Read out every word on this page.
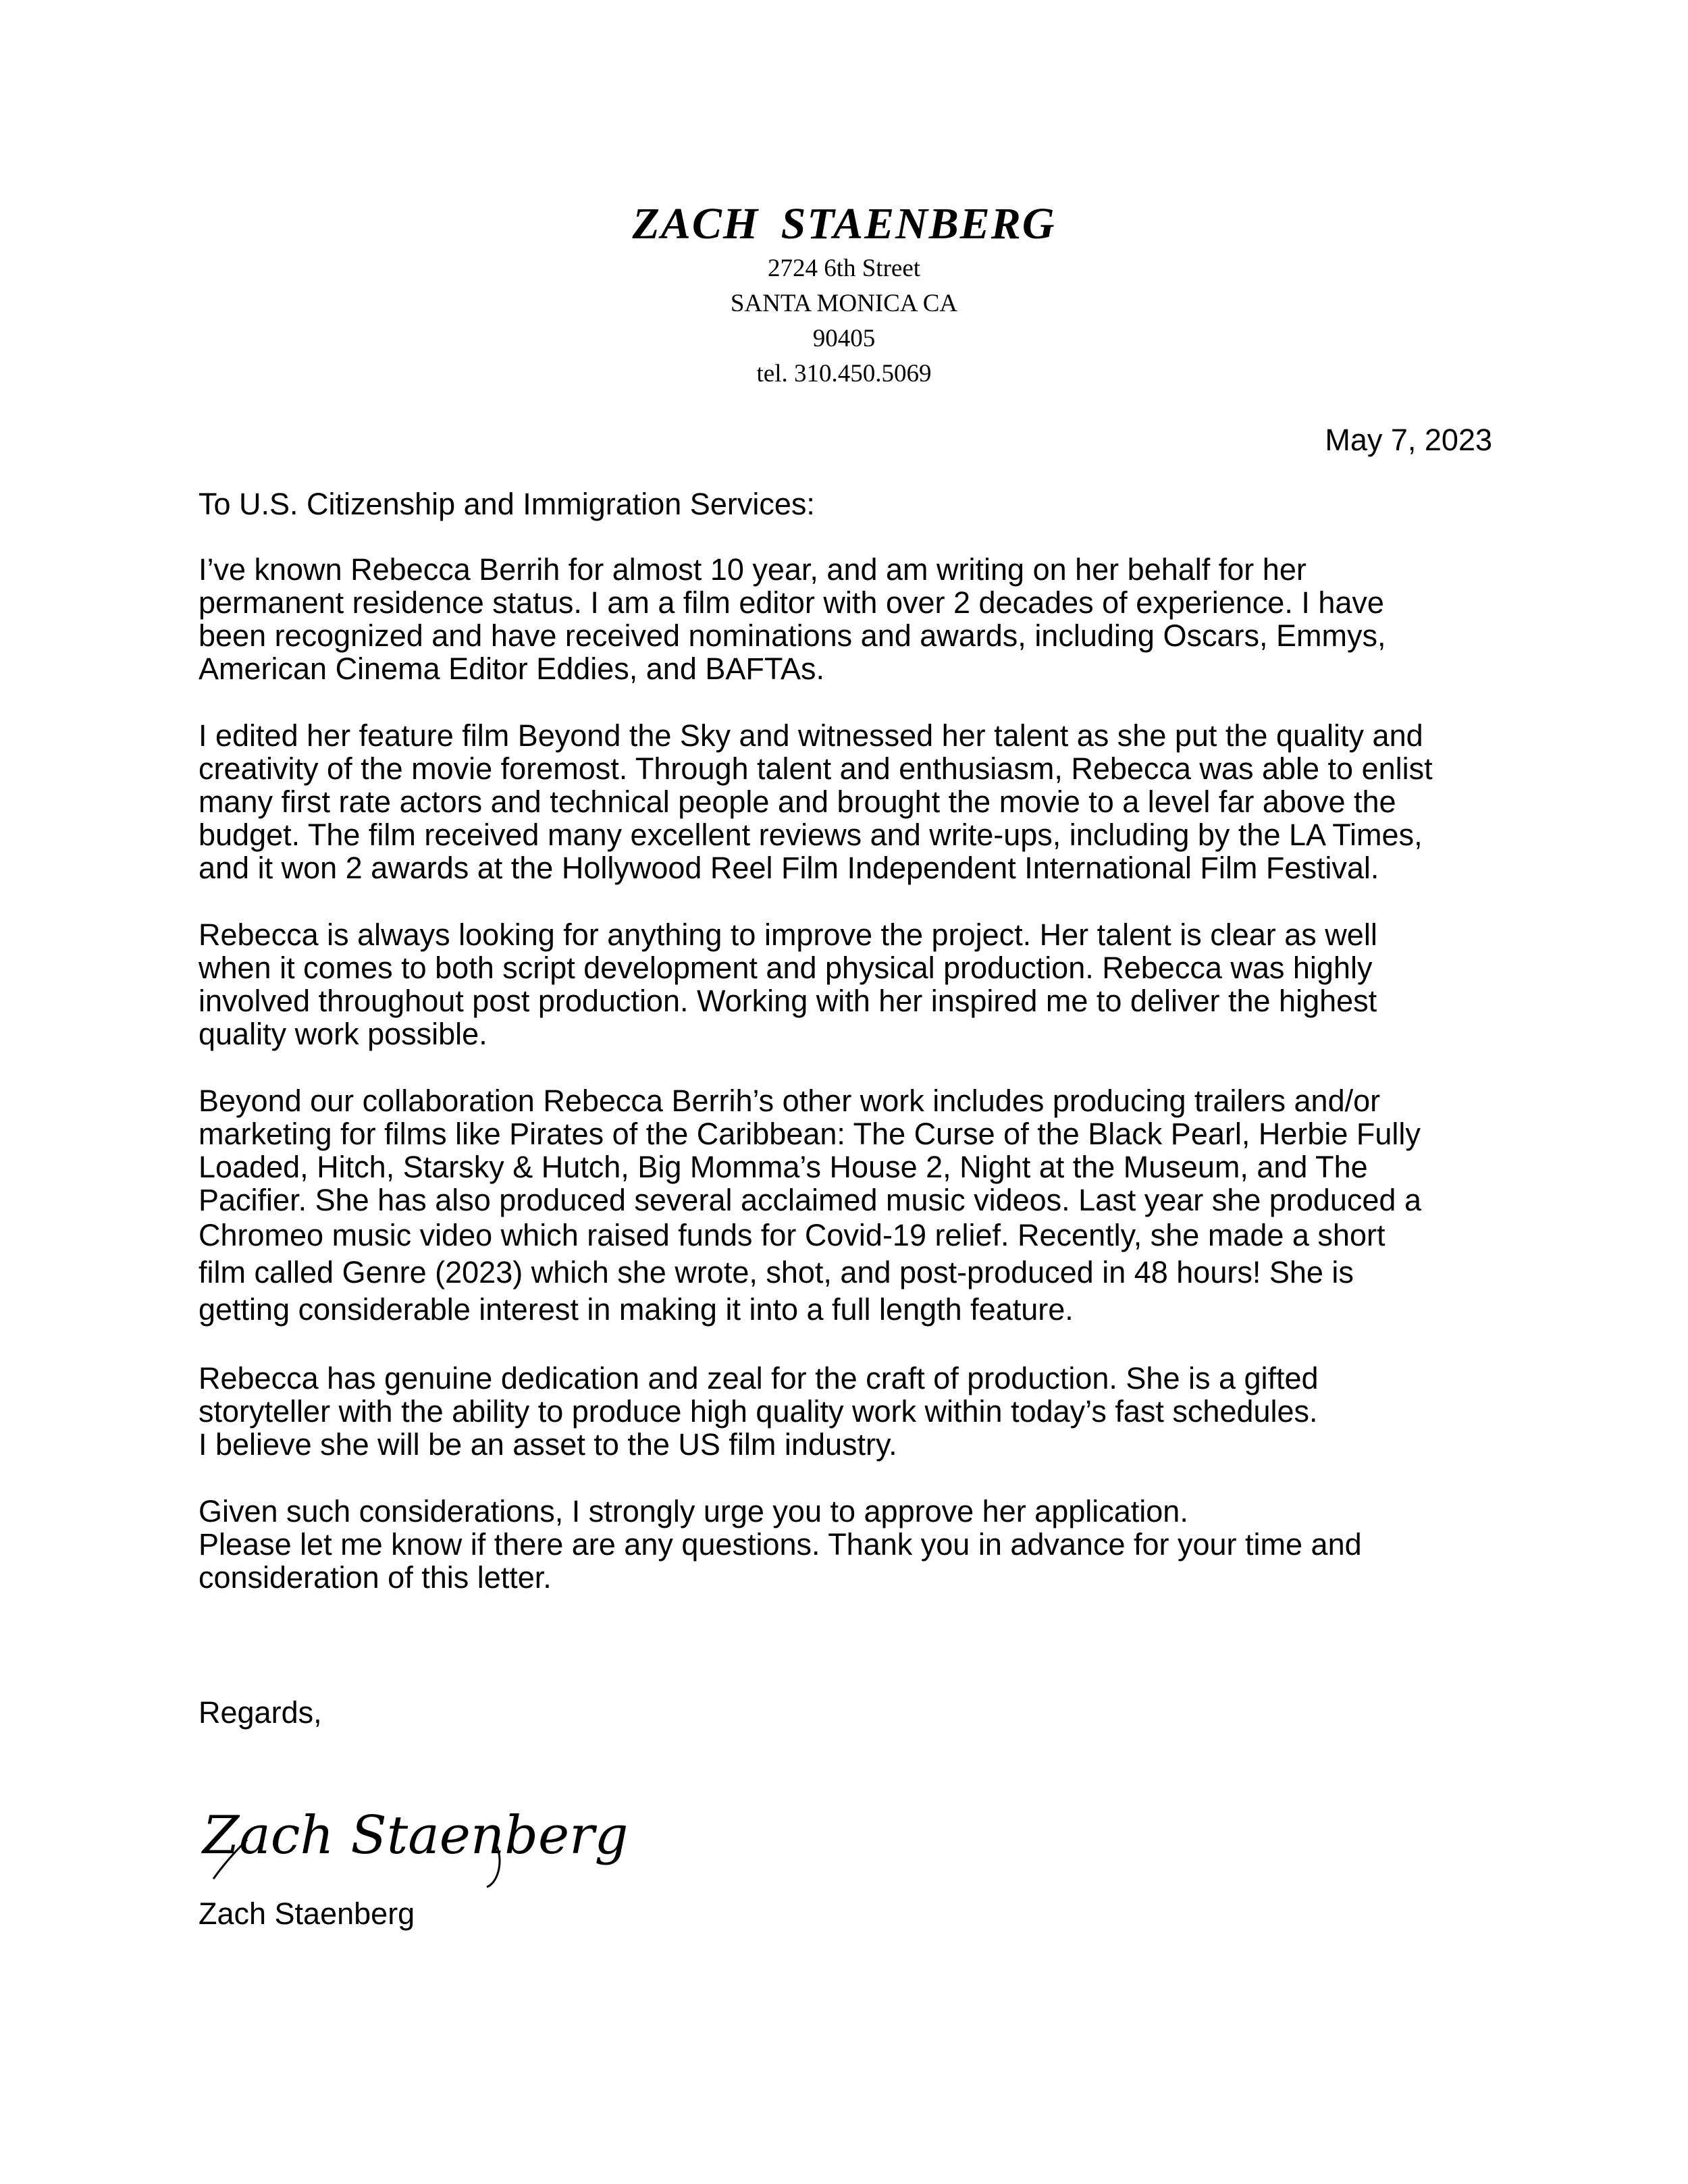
ZACH STAENBERG

2724 6th Street

SANTA MONICA CA

90405

tel. 310.450.5069

May 7, 2023

To U.S. Citizenship and Immigration Services:

I’ve known Rebecca Berrih for almost 10 year, and am writing on her behalf for her
permanent residence status. I am a film editor with over 2 decades of experience. I have
been recognized and have received nominations and awards, including Oscars, Emmys,
American Cinema Editor Eddies, and BAFTAs.

I edited her feature film Beyond the Sky and witnessed her talent as she put the quality and
creativity of the movie foremost. Through talent and enthusiasm, Rebecca was able to enlist
many first rate actors and technical people and brought the movie to a level far above the
budget. The film received many excellent reviews and write-ups, including by the LA Times,
and it won 2 awards at the Hollywood Reel Film Independent International Film Festival.

Rebecca is always looking for anything to improve the project. Her talent is clear as well
when it comes to both script development and physical production. Rebecca was highly
involved throughout post production. Working with her inspired me to deliver the highest
quality work possible.

Beyond our collaboration Rebecca Berrih’s other work includes producing trailers and/or
marketing for films like Pirates of the Caribbean: The Curse of the Black Pearl, Herbie Fully
Loaded, Hitch, Starsky & Hutch, Big Momma’s House 2, Night at the Museum, and The
Pacifier. She has also produced several acclaimed music videos. Last year she produced a
Chromeo music video which raised funds for Covid-19 relief. Recently, she made a short
film called Genre (2023) which she wrote, shot, and post-produced in 48 hours! She is
getting considerable interest in making it into a full length feature.

Rebecca has genuine dedication and zeal for the craft of production. She is a gifted
storyteller with the ability to produce high quality work within today’s fast schedules.
I believe she will be an asset to the US film industry.

Given such considerations, I strongly urge you to approve her application.
Please let me know if there are any questions. Thank you in advance for your time and
consideration of this letter.

Regards,
Zach Staenberg
Zach Staenberg
